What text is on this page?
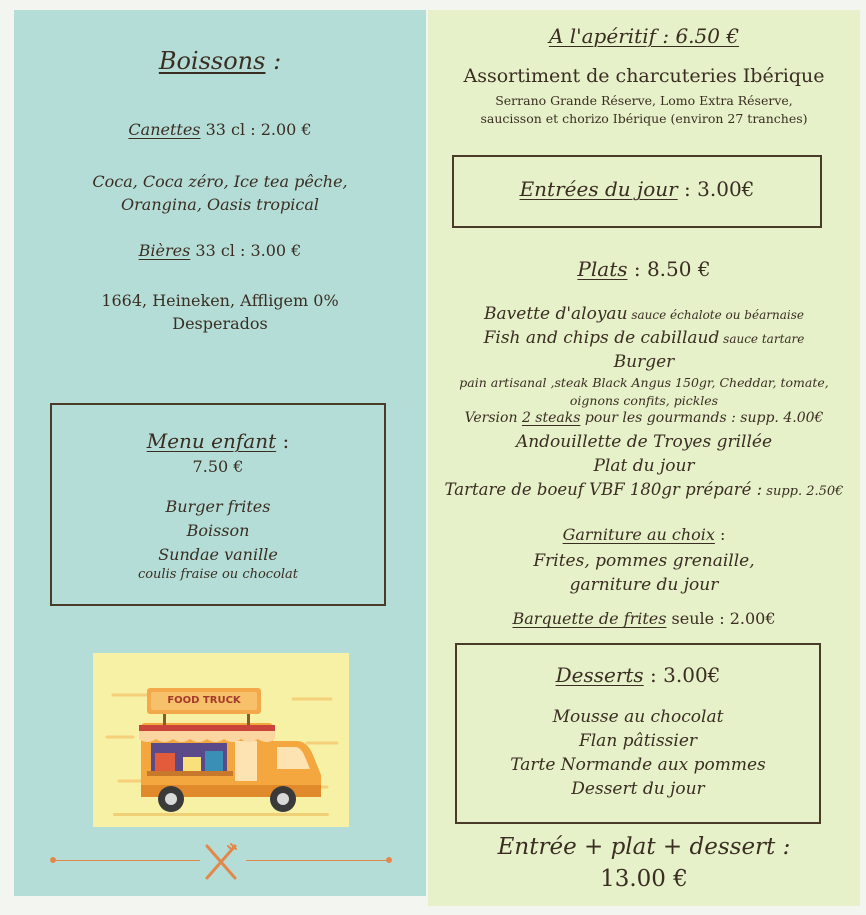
Boissons :
Canettes 33 cl : 2.00 €
Coca, Coca zéro, Ice tea pêche,
Orangina, Oasis tropical
Bières 33 cl : 3.00 €
1664, Heineken, Affligem 0%
Desperados
Menu enfant :
7.50 €
Burger frites
Boisson
Sundae vanille
coulis fraise ou chocolat
FOOD TRUCK
A l'apéritif : 6.50 €
Assortiment de charcuteries Ibérique
Serrano Grande Réserve, Lomo Extra Réserve,
saucisson et chorizo Ibérique (environ 27 tranches)
Entrées du jour : 3.00€
Plats : 8.50 €
Bavette d'aloyau sauce échalote ou béarnaise
Fish and chips de cabillaud sauce tartare
Burger
pain artisanal ,steak Black Angus 150gr, Cheddar, tomate,
oignons confits, pickles
Version 2 steaks pour les gourmands : supp. 4.00€
Andouillette de Troyes grillée
Plat du jour
Tartare de boeuf VBF 180gr préparé : supp. 2.50€
Garniture au choix :
Frites, pommes grenaille,
garniture du jour
Barquette de frites seule : 2.00€
Desserts : 3.00€
Mousse au chocolat
Flan pâtissier
Tarte Normande aux pommes
Dessert du jour
Entrée + plat + dessert :
13.00 €
